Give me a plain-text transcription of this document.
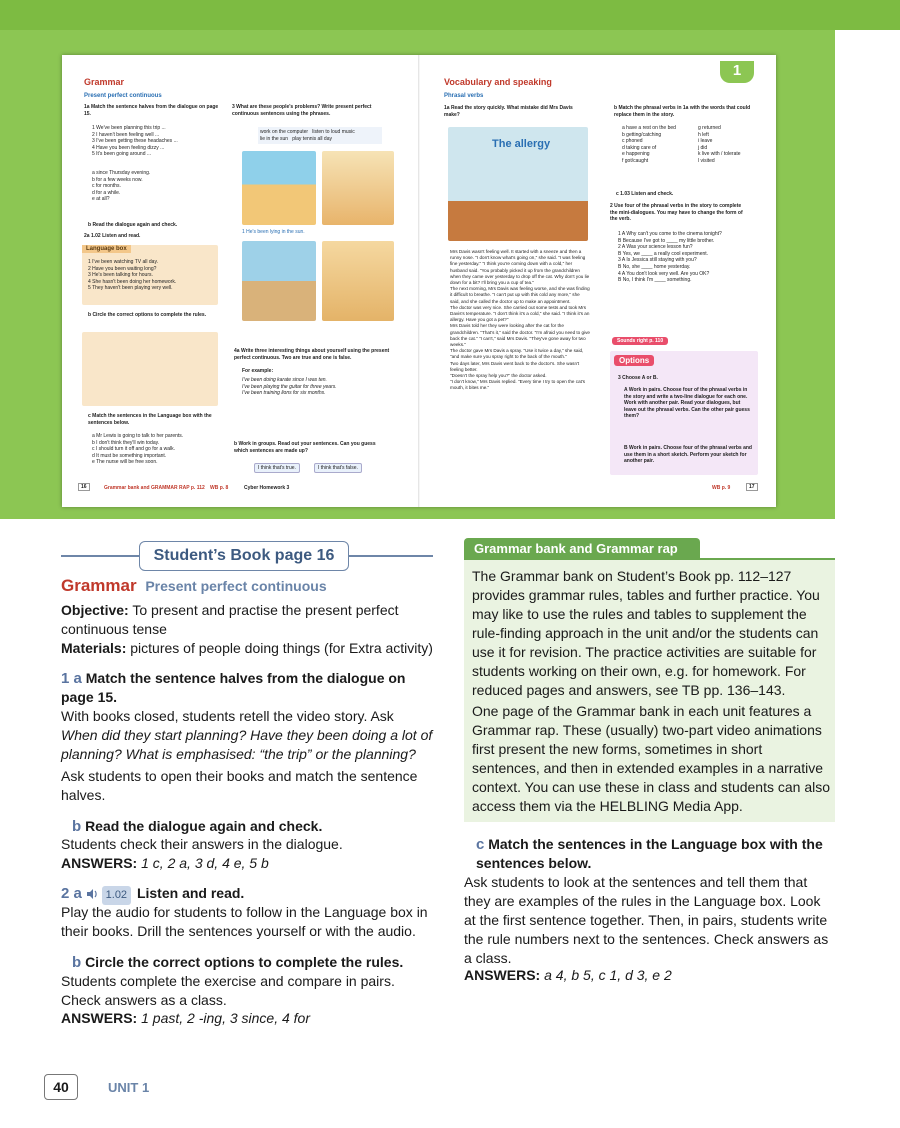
1
Grammar
Present perfect continuous
1a Match the sentence halves from the dialogue on page 15.
1 We've been planning this trip ...
2 I haven't been feeling well ...
3 I've been getting these headaches ...
4 Have you been feeling dizzy ...
5 It's been going around ...
a since Thursday evening.
b for a few weeks now.
c for months.
d for a while.
e at all?
b Read the dialogue again and check.
2a 1.02 Listen and read.
Language box
1 I've been watching TV all day.
2 Have you been waiting long?
3 He's been talking for hours.
4 She hasn't been doing her homework.
5 They haven't been playing very well.
b Circle the correct options to complete the rules.
c Match the sentences in the Language box with the sentences below.
a Mr Lewis is going to talk to her parents.
b I don't think they'll win today.
c I should turn it off and go for a walk.
d It must be something important.
e The nurse will be free soon.
3 What are these people's problems? Write present perfect continuous sentences using the phrases.
work on the computer listen to loud music
lie in the sun play tennis all day
1 He's been lying in the sun.
4a Write three interesting things about yourself using the present perfect continuous. Two are true and one is false.
For example:
I've been doing karate since I was ten.
I've been playing the guitar for three years.
I've been training lions for six months.
b Work in groups. Read out your sentences. Can you guess which sentences are made up?
I think that's true.	I think that's false.
16	Grammar bank and GRAMMAR RAP p. 112 WB p. 8	Cyber Homework 3
Vocabulary and speaking
Phrasal verbs
1a Read the story quickly. What mistake did Mrs Davis make?
The allergy
Mrs Davis wasn't feeling well. It started with a sneeze and then a runny nose. "I don't know what's going on," she said. "I was feeling fine yesterday." "I think you're coming down with a cold," her husband said. "You probably picked it up from the grandchildren when they came over yesterday to drop off the cat. Why don't you lie down for a bit? I'll bring you a cup of tea."
The next morning, Mrs Davis was feeling worse, and she was finding it difficult to breathe. "I can't put up with this cold any more," she said, and she called the doctor up to make an appointment.
The doctor was very nice. She carried out some tests and took Mrs Davis's temperature. "I don't think it's a cold," she said. "I think it's an allergy. Have you got a pet?"
Mrs Davis told her they were looking after the cat for the grandchildren. "That's it," said the doctor. "I'm afraid you need to give back the cat." "I can't," said Mrs Davis. "They've gone away for two weeks."
The doctor gave Mrs Davis a spray. "Use it twice a day," she said, "and make sure you spray right to the back of the mouth."
Two days later, Mrs Davis went back to the doctor's. She wasn't feeling better.
"Doesn't the spray help you?" the doctor asked.
"I don't know," Mrs Davis replied. "Every time I try to open the cat's mouth, it bites me."
b Match the phrasal verbs in 1a with the words that could replace them in the story.
a have a rest on the bed
b getting/catching
c phoned
d taking care of
e happening
f got/caught
g returned
h left
i leave
j did
k live with / tolerate
l visited
c 1.03 Listen and check.
2 Use four of the phrasal verbs in the story to complete the mini-dialogues. You may have to change the form of the verb.
1 A Why can't you come to the cinema tonight?
B Because I've got to ____ my little brother.
2 A Was your science lesson fun?
B Yes, we ____ a really cool experiment.
3 A Is Jessica still staying with you?
B No, she ____ home yesterday.
4 A You don't look very well. Are you OK?
B No, I think I'm ____ something.
Sounds right p. 110
Options
3 Choose A or B.
A Work in pairs. Choose four of the phrasal verbs in the story and write a two-line dialogue for each one. Work with another pair. Read your dialogues, but leave out the phrasal verbs. Can the other pair guess them?
B Work in pairs. Choose four of the phrasal verbs and use them in a short sketch. Perform your sketch for another pair.
WB p. 9	17
Student’s Book page 16
Grammar Present perfect continuous
Objective: To present and practise the present perfect continuous tense
Materials: pictures of people doing things (for Extra activity)
1 a Match the sentence halves from the dialogue on page 15.
With books closed, students retell the video story. Ask When did they start planning? Have they been doing a lot of planning? What is emphasised: “the trip” or the planning?
Ask students to open their books and match the sentence halves.
b Read the dialogue again and check.
Students check their answers in the dialogue.
ANSWERS: 1 c, 2 a, 3 d, 4 e, 5 b
2 a 1.02 Listen and read.
Play the audio for students to follow in the Language box in their books. Drill the sentences yourself or with the audio.
b Circle the correct options to complete the rules.
Students complete the exercise and compare in pairs. Check answers as a class.
ANSWERS: 1 past, 2 -ing, 3 since, 4 for
Grammar bank and Grammar rap
The Grammar bank on Student’s Book pp. 112–127 provides grammar rules, tables and further practice. You may like to use the rules and tables to supplement the rule-finding approach in the unit and/or the students can use it for revision. The practice activities are suitable for students working on their own, e.g. for homework. For reduced pages and answers, see TB pp. 136–143.
One page of the Grammar bank in each unit features a Grammar rap. These (usually) two-part video animations first present the new forms, sometimes in short sentences, and then in extended examples in a narrative context. You can use these in class and students can also access them via the HELBLING Media App.
c Match the sentences in the Language box with the sentences below.
Ask students to look at the sentences and tell them that they are examples of the rules in the Language box. Look at the first sentence together. Then, in pairs, students write the rule numbers next to the sentences. Check answers as a class.
ANSWERS: a 4, b 5, c 1, d 3, e 2
40	UNIT 1
